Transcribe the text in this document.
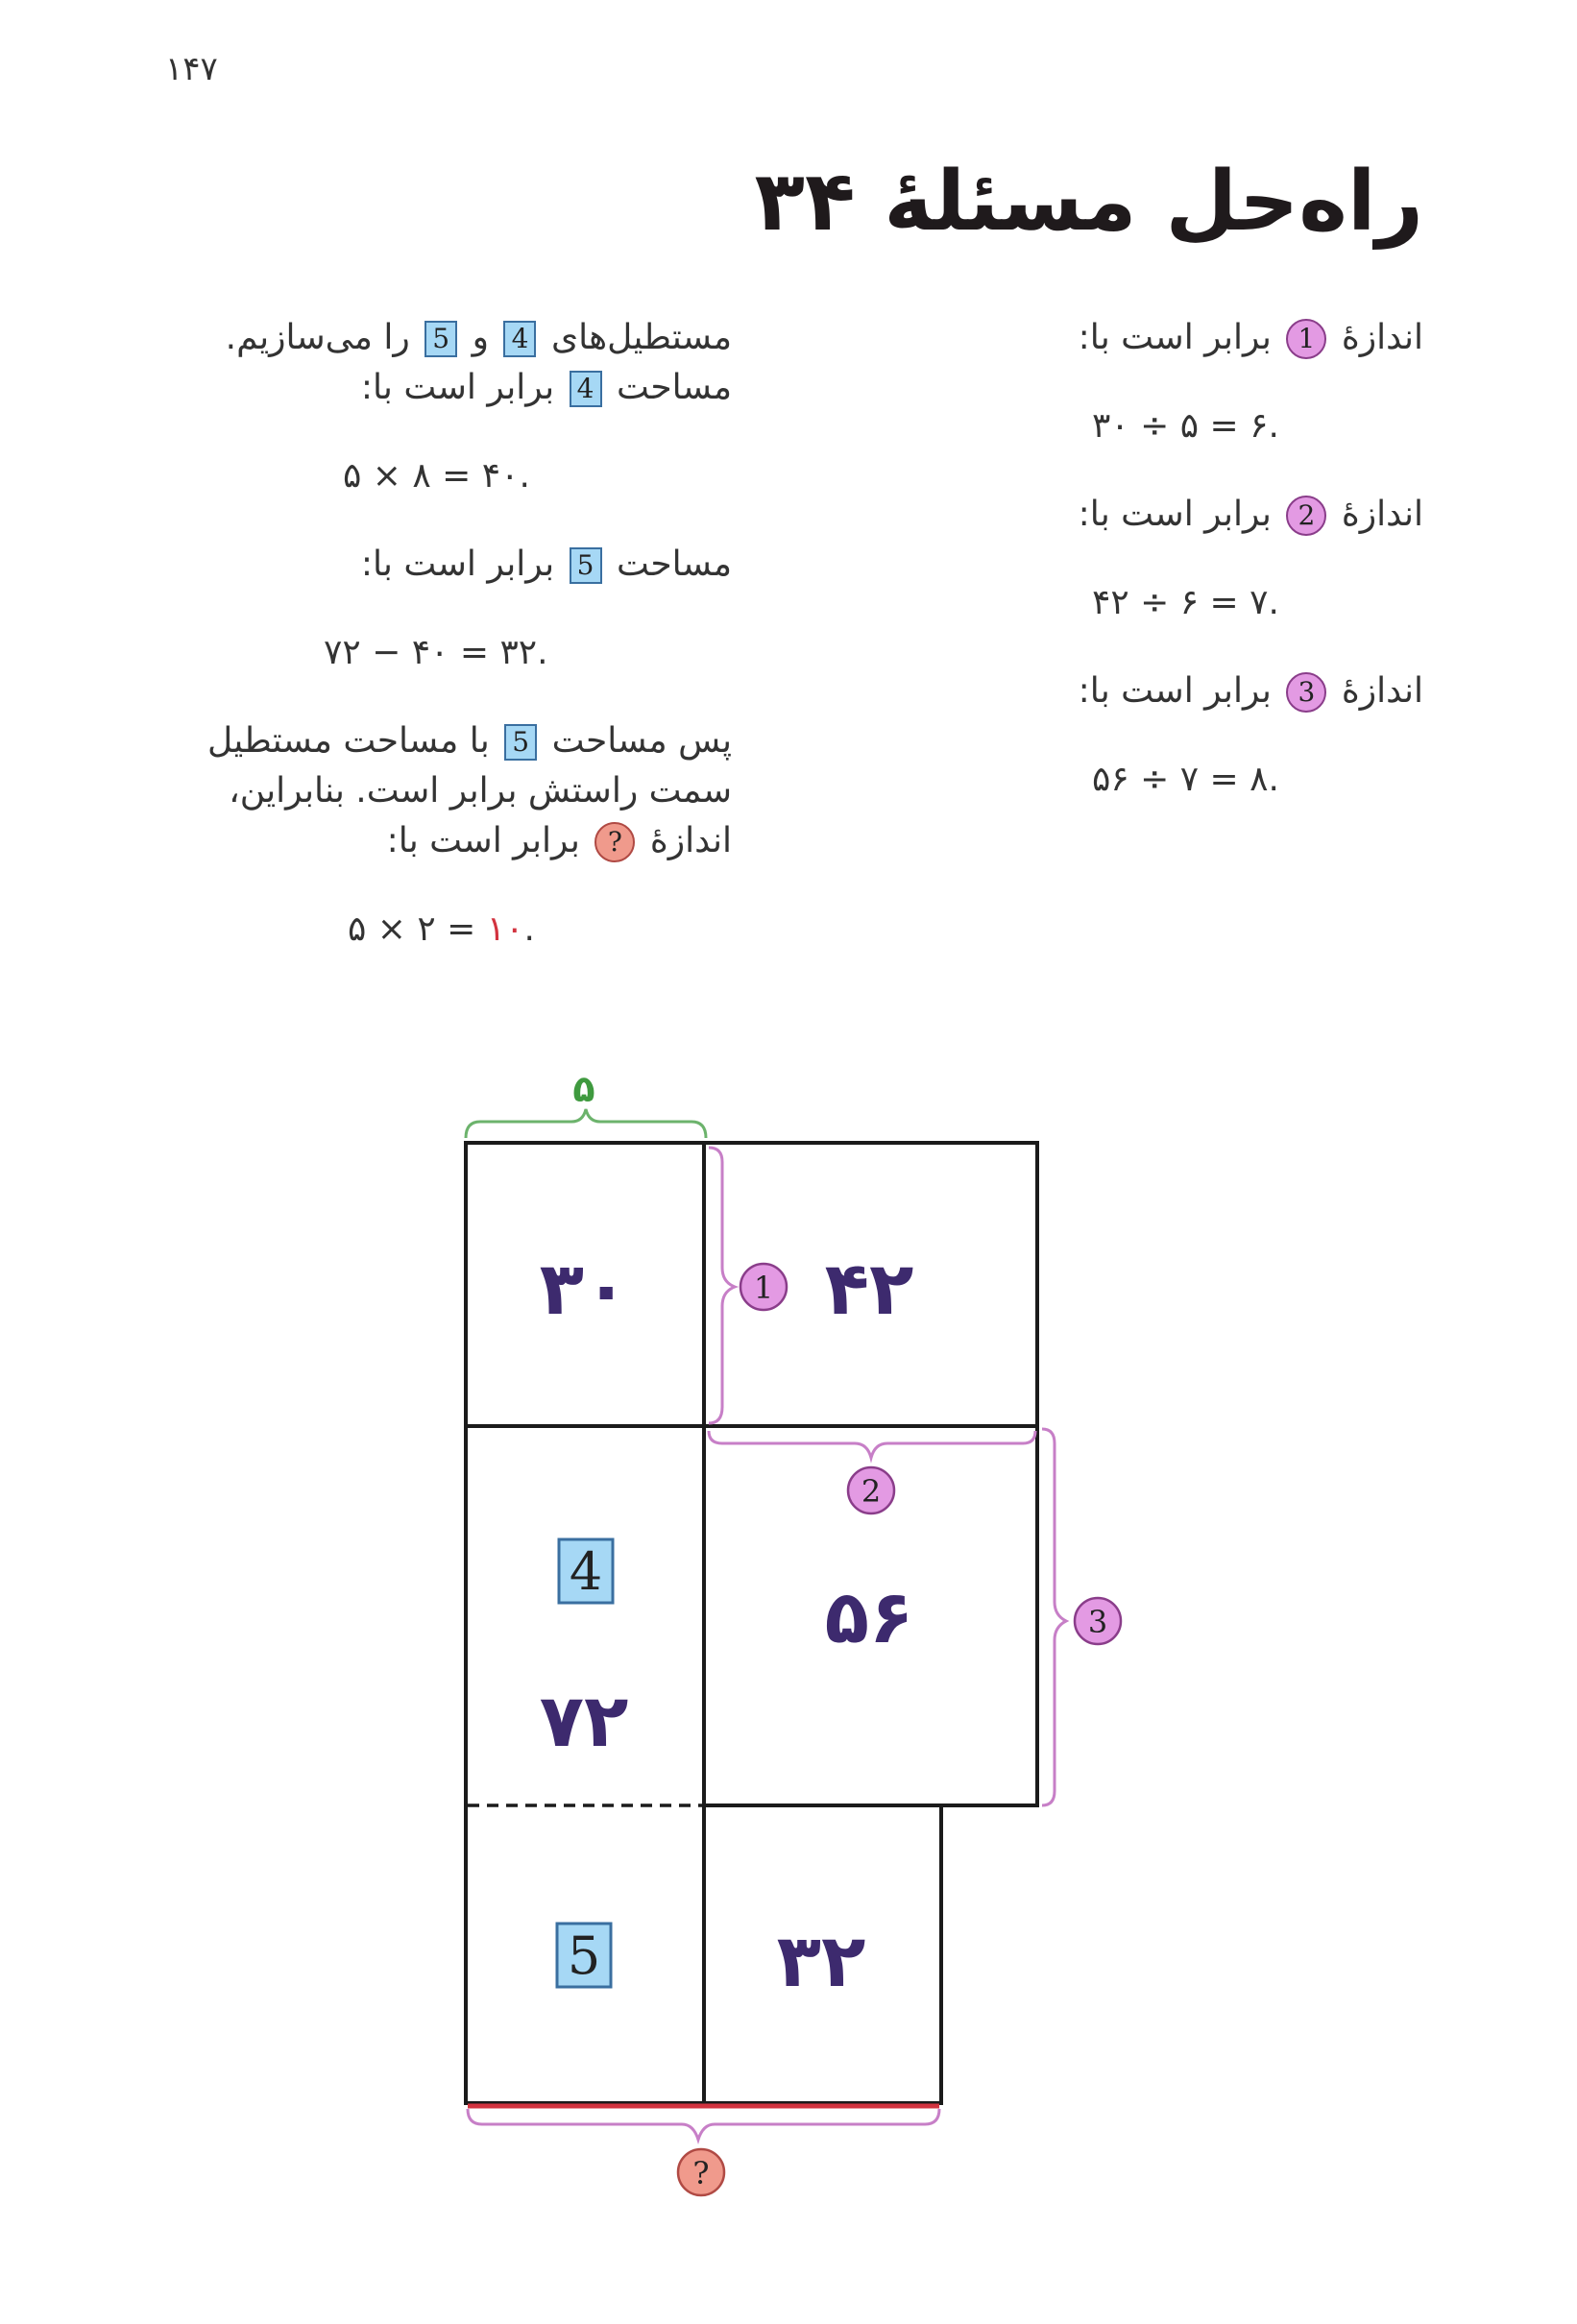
۱۴۷
راه‌حل مسئلهٔ ۳۴
اندازهٔ 1 برابر است با:
۳۰ ÷ ۵ = ۶.
اندازهٔ 2 برابر است با:
۴۲ ÷ ۶ = ۷.
اندازهٔ 3 برابر است با:
۵۶ ÷ ۷ = ۸.
مستطیل‌های 4 و 5 را می‌سازیم.
مساحت 4 برابر است با:
۵ × ۸ = ۴۰.
مساحت 5 برابر است با:
۷۲ − ۴۰ = ۳۲.
پس مساحت 5 با مساحت مستطیل
سمت راستش برابر است. بنابراین،
اندازهٔ ? برابر است با:
۵ × ۲ = ۱۰.
۵
1
2
3
?
۳۰	۴۲
۵۶
۷۲
۳۲
4
5
